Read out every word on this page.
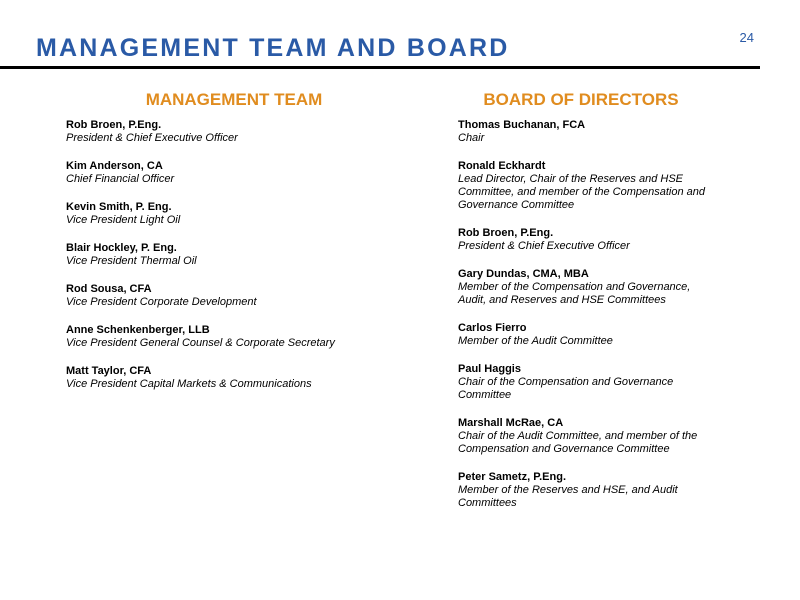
24
MANAGEMENT TEAM AND BOARD
MANAGEMENT TEAM
Rob Broen, P.Eng.
President & Chief Executive Officer
Kim Anderson, CA
Chief Financial Officer
Kevin Smith, P. Eng.
Vice President Light Oil
Blair Hockley, P. Eng.
Vice President Thermal Oil
Rod Sousa, CFA
Vice President Corporate Development
Anne Schenkenberger, LLB
Vice President General Counsel & Corporate Secretary
Matt Taylor, CFA
Vice President Capital Markets & Communications
BOARD OF DIRECTORS
Thomas Buchanan, FCA
Chair
Ronald Eckhardt
Lead Director, Chair of the Reserves and HSE Committee, and member of the Compensation and Governance Committee
Rob Broen, P.Eng.
President & Chief Executive Officer
Gary Dundas, CMA, MBA
Member of the Compensation and Governance, Audit, and Reserves and HSE Committees
Carlos Fierro
Member of the Audit Committee
Paul Haggis
Chair of the Compensation and Governance Committee
Marshall McRae, CA
Chair of the Audit Committee, and member of the Compensation and Governance Committee
Peter Sametz, P.Eng.
Member of the Reserves and HSE, and Audit Committees
